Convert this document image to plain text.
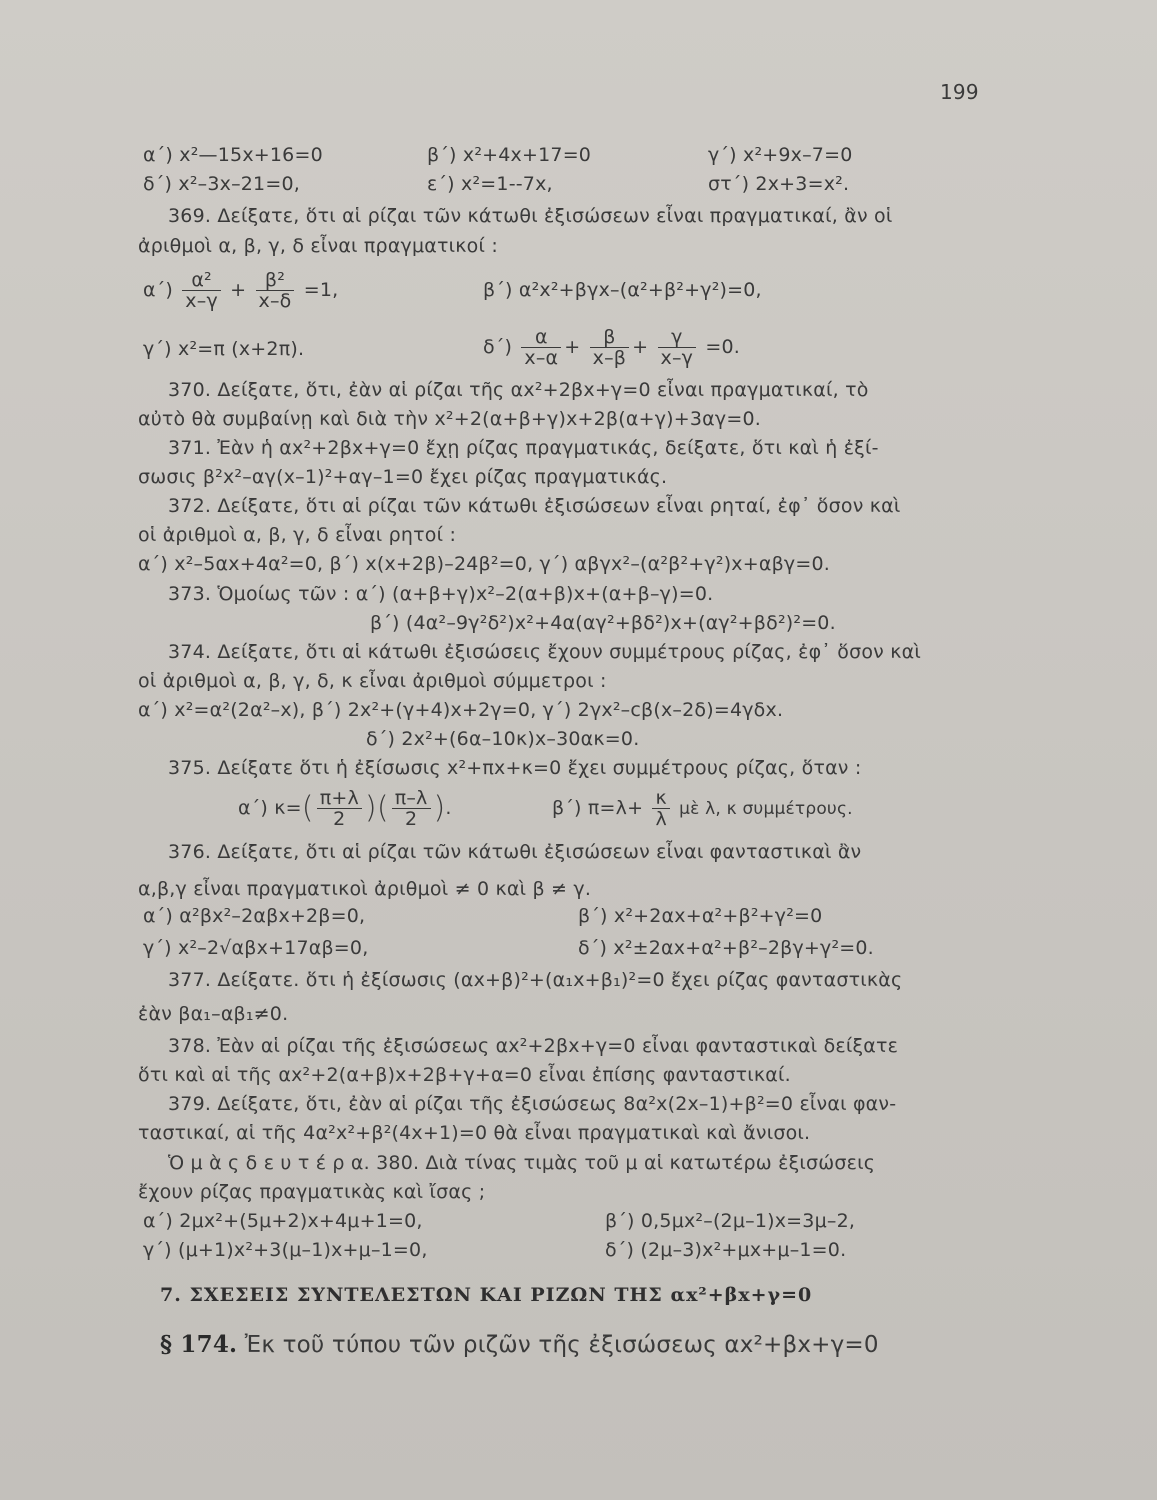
199
α΄) x²—15x+16=0	β΄) x²+4x+17=0	γ΄) x²+9x–7=0
δ΄) x²–3x–21=0,	ε΄) x²=1--7x,	στ΄) 2x+3=x².
369. Δείξατε, ὅτι αἱ ρίζαι τῶν κάτωθι ἐξισώσεων εἶναι πραγματικαί, ἂν οἱ
ἀριθμοὶ α, β, γ, δ εἶναι πραγματικοί :
$\alpha΄) \frac{\text{α²}}{x-\gamma} + \frac{\text{β²}}{x-\delta} =1$,	β΄) α²x²+βγx–(α²+β²+γ²)=0,
γ΄) x²=π (x+2π).	$\delta΄) \frac{\alpha}{x-\alpha} + \frac{\beta}{x-\beta} + \frac{\gamma}{x-\gamma} =0$.
370. Δείξατε, ὅτι, ἐὰν αἱ ρίζαι τῆς αx²+2βx+γ=0 εἶναι πραγματικαί, τὸ
αὐτὸ θὰ συμβαίνῃ καὶ διὰ τὴν x²+2(α+β+γ)x+2β(α+γ)+3αγ=0.
371. Ἐὰν ἡ αx²+2βx+γ=0 ἔχῃ ρίζας πραγματικάς, δείξατε, ὅτι καὶ ἡ ἐξί-
σωσις β²x²–αγ(x–1)²+αγ–1=0 ἔχει ρίζας πραγματικάς.
372. Δείξατε, ὅτι αἱ ρίζαι τῶν κάτωθι ἐξισώσεων εἶναι ρηταί, ἐφ᾽ ὅσον καὶ
οἱ ἀριθμοὶ α, β, γ, δ εἶναι ρητοί :
α΄) x²–5αx+4α²=0, β΄) x(x+2β)–24β²=0, γ΄) αβγx²–(α²β²+γ²)x+αβγ=0.
373. Ὁμοίως τῶν : α΄) (α+β+γ)x²–2(α+β)x+(α+β–γ)=0.
β΄) (4α²–9γ²δ²)x²+4α(αγ²+βδ²)x+(αγ²+βδ²)²=0.
374. Δείξατε, ὅτι αἱ κάτωθι ἐξισώσεις ἔχουν συμμέτρους ρίζας, ἐφ᾽ ὅσον καὶ
οἱ ἀριθμοὶ α, β, γ, δ, κ εἶναι ἀριθμοὶ σύμμετροι :
α΄) x²=α²(2α²–x), β΄) 2x²+(γ+4)x+2γ=0, γ΄) 2γx²–cβ(x–2δ)=4γδx.
δ΄) 2x²+(6α–10κ)x–30ακ=0.
375. Δείξατε ὅτι ἡ ἐξίσωσις x²+πx+κ=0 ἔχει συμμέτρους ρίζας, ὅταν :
α΄) $\kappa=( \frac{\pi+\lambda}{2}$ )( $\frac{\pi-\lambda}{2}$ ).	β΄) $\pi=\lambda+ \frac{\kappa}{\lambda}$ μὲ λ, κ συμμέτρους.
376. Δείξατε, ὅτι αἱ ρίζαι τῶν κάτωθι ἐξισώσεων εἶναι φανταστικαὶ ἂν
α,β,γ εἶναι πραγματικοὶ ἀριθμοὶ ≠ 0 καὶ β ≠ γ.
α΄) α²βx²–2αβx+2β=0,	β΄) x²+2αx+α²+β²+γ²=0
γ΄) x²–2√αβx+17αβ=0,	δ΄) x²±2αx+α²+β²–2βγ+γ²=0.
377. Δείξατε. ὅτι ἡ ἐξίσωσις (αx+β)²+(α₁x+β₁)²=0 ἔχει ρίζας φανταστικὰς
ἐὰν βα₁–αβ₁≠0.
378. Ἐὰν αἱ ρίζαι τῆς ἐξισώσεως αx²+2βx+γ=0 εἶναι φανταστικαὶ δείξατε
ὅτι καὶ αἱ τῆς αx²+2(α+β)x+2β+γ+α=0 εἶναι ἐπίσης φανταστικαί.
379. Δείξατε, ὅτι, ἐὰν αἱ ρίζαι τῆς ἐξισώσεως 8α²x(2x–1)+β²=0 εἶναι φαν-
ταστικαί, αἱ τῆς 4α²x²+β²(4x+1)=0 θὰ εἶναι πραγματικαὶ καὶ ἄνισοι.
Ὁ μ ὰ ς δ ε υ τ έ ρ α. 380. Διὰ τίνας τιμὰς τοῦ μ αἱ κατωτέρω ἐξισώσεις
ἔχουν ρίζας πραγματικὰς καὶ ἴσας ;
α΄) 2μx²+(5μ+2)x+4μ+1=0,	β΄) 0,5μx²–(2μ–1)x=3μ–2,
γ΄) (μ+1)x²+3(μ–1)x+μ–1=0,	δ΄) (2μ–3)x²+μx+μ–1=0.
7. ΣΧΕΣΕΙΣ ΣΥΝΤΕΛΕΣΤΩΝ ΚΑΙ ΡΙΖΩΝ ΤΗΣ αx²+βx+γ=0
§ 174. Ἐκ τοῦ τύπου τῶν ριζῶν τῆς ἐξισώσεως αx²+βx+γ=0
